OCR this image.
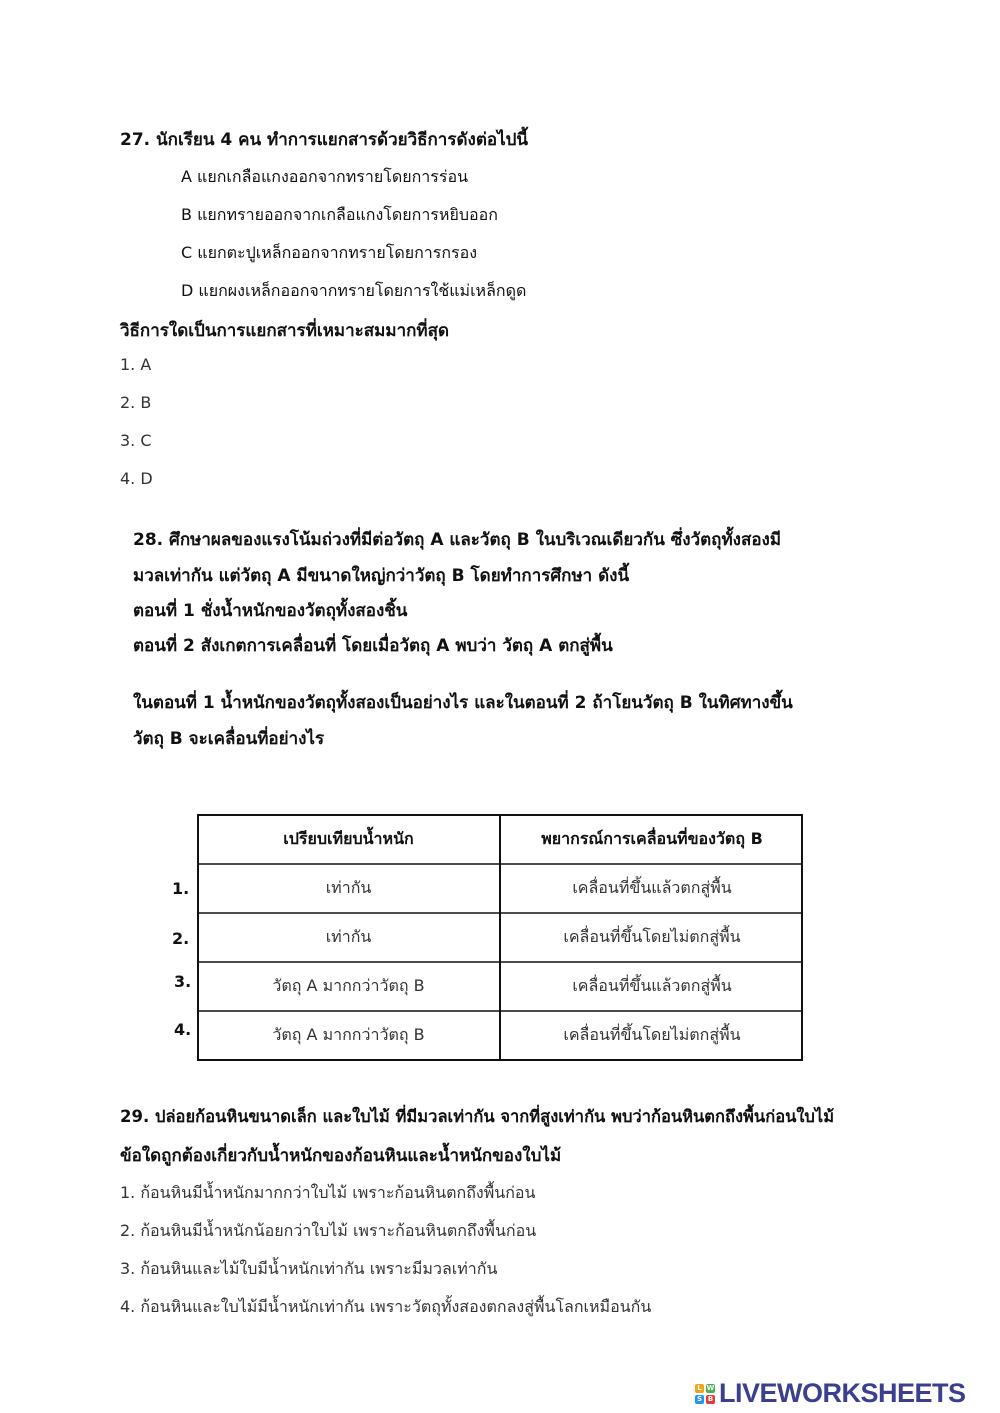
27. นักเรียน 4 คน ทำการแยกสารด้วยวิธีการดังต่อไปนี้
A แยกเกลือแกงออกจากทรายโดยการร่อน
B แยกทรายออกจากเกลือแกงโดยการหยิบออก
C แยกตะปูเหล็กออกจากทรายโดยการกรอง
D แยกผงเหล็กออกจากทรายโดยการใช้แม่เหล็กดูด
วิธีการใดเป็นการแยกสารที่เหมาะสมมากที่สุด
1. A
2. B
3. C
4. D
28. ศึกษาผลของแรงโน้มถ่วงที่มีต่อวัตถุ A และวัตถุ B ในบริเวณเดียวกัน ซึ่งวัตถุทั้งสองมี
มวลเท่ากัน แต่วัตถุ A มีขนาดใหญ่กว่าวัตถุ B โดยทำการศึกษา ดังนี้
ตอนที่ 1 ชั่งน้ำหนักของวัตถุทั้งสองชิ้น
ตอนที่ 2 สังเกตการเคลื่อนที่ โดยเมื่อวัตถุ A พบว่า วัตถุ A ตกสู่พื้น
ในตอนที่ 1 น้ำหนักของวัตถุทั้งสองเป็นอย่างไร และในตอนที่ 2 ถ้าโยนวัตถุ B ในทิศทางขึ้น
วัตถุ B จะเคลื่อนที่อย่างไร
เปรียบเทียบน้ำหนัก	พยากรณ์การเคลื่อนที่ของวัตถุ B
1.	เท่ากัน	เคลื่อนที่ขึ้นแล้วตกสู่พื้น
2.	เท่ากัน	เคลื่อนที่ขึ้นโดยไม่ตกสู่พื้น
3.	วัตถุ A มากกว่าวัตถุ B	เคลื่อนที่ขึ้นแล้วตกสู่พื้น
4.	วัตถุ A มากกว่าวัตถุ B	เคลื่อนที่ขึ้นโดยไม่ตกสู่พื้น
29. ปล่อยก้อนหินขนาดเล็ก และใบไม้ ที่มีมวลเท่ากัน จากที่สูงเท่ากัน พบว่าก้อนหินตกถึงพื้นก่อนใบไม้
ข้อใดถูกต้องเกี่ยวกับน้ำหนักของก้อนหินและน้ำหนักของใบไม้
1. ก้อนหินมีน้ำหนักมากกว่าใบไม้ เพราะก้อนหินตกถึงพื้นก่อน
2. ก้อนหินมีน้ำหนักน้อยกว่าใบไม้ เพราะก้อนหินตกถึงพื้นก่อน
3. ก้อนหินและไม้ใบมีน้ำหนักเท่ากัน เพราะมีมวลเท่ากัน
4. ก้อนหินและใบไม้มีน้ำหนักเท่ากัน เพราะวัตถุทั้งสองตกลงสู่พื้นโลกเหมือนกัน
L W
S B LIVEWORKSHEETS
